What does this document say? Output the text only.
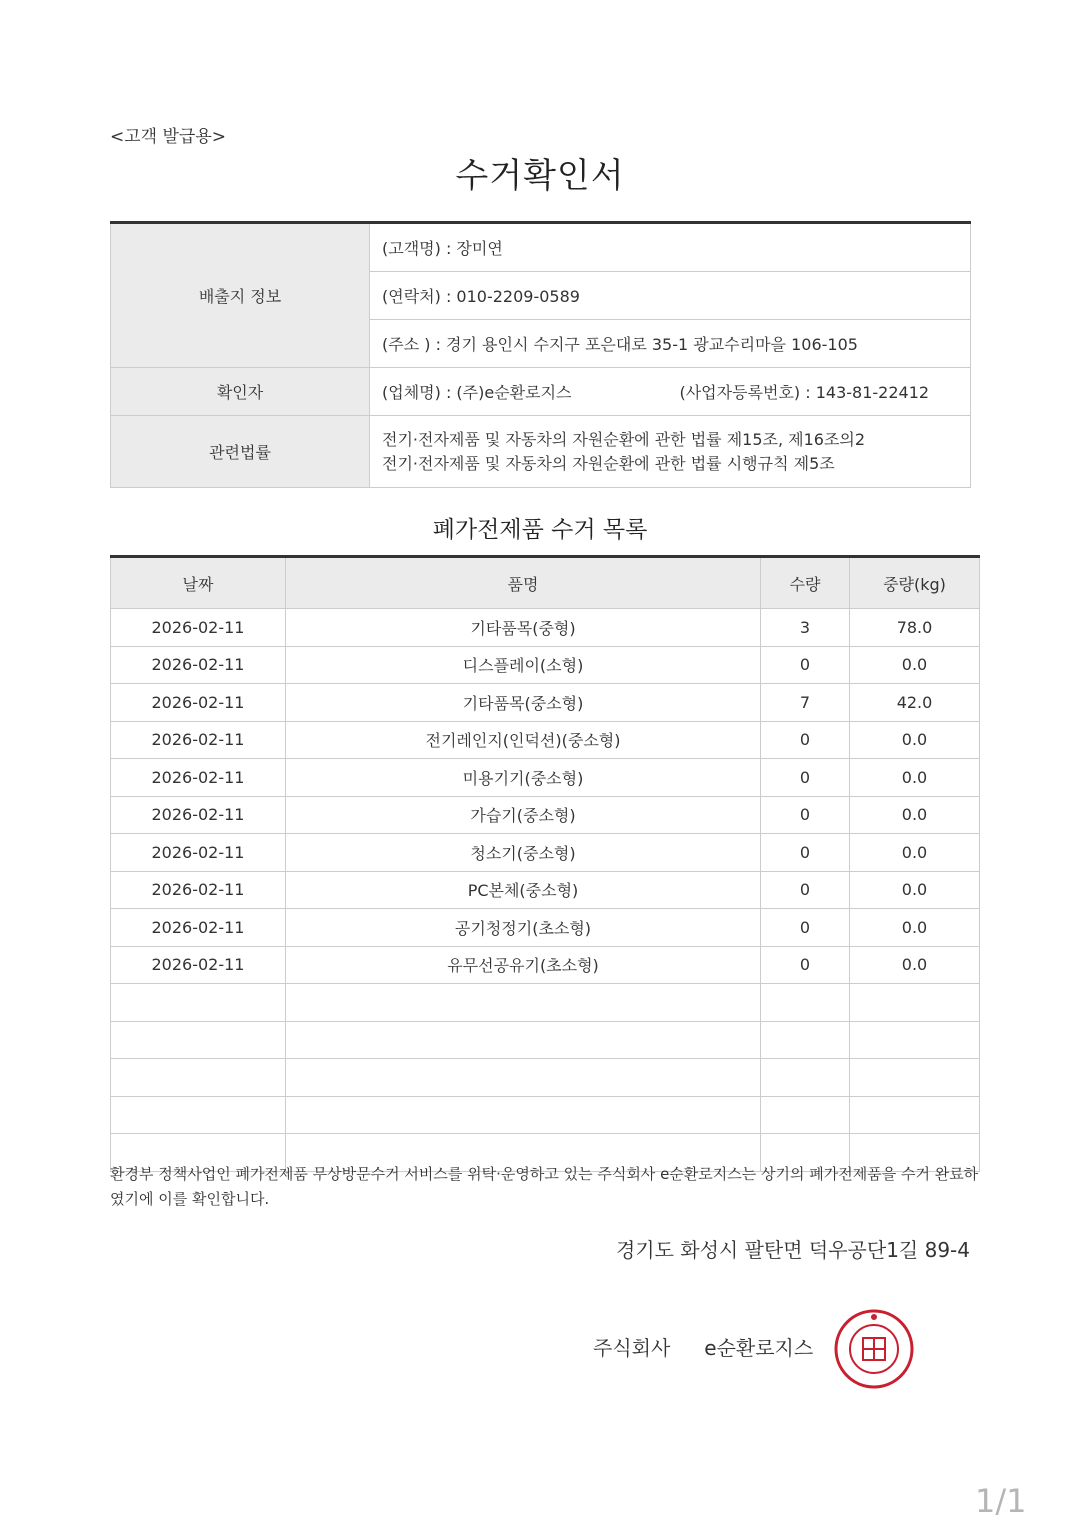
<고객 발급용>
수거확인서
배출지 정보	(고객명) : 장미연
	(연락처) : 010-2209-0589
	(주소 ) : 경기 용인시 수지구 포은대로 35-1 광교수리마을 106-105
확인자	(업체명) : (주)e순환로지스 (사업자등록번호) : 143-81-22412
관련법률	전기·전자제품 및 자동차의 자원순환에 관한 법률 제15조, 제16조의2
전기·전자제품 및 자동차의 자원순환에 관한 법률 시행규칙 제5조
폐가전제품 수거 목록
날짜	품명	수량	중량(kg)
2026-02-11	기타품목(중형)	3	78.0
2026-02-11	디스플레이(소형)	0	0.0
2026-02-11	기타품목(중소형)	7	42.0
2026-02-11	전기레인지(인덕션)(중소형)	0	0.0
2026-02-11	미용기기(중소형)	0	0.0
2026-02-11	가습기(중소형)	0	0.0
2026-02-11	청소기(중소형)	0	0.0
2026-02-11	PC본체(중소형)	0	0.0
2026-02-11	공기청정기(초소형)	0	0.0
2026-02-11	유무선공유기(초소형)	0	0.0

환경부 정책사업인 폐가전제품 무상방문수거 서비스를 위탁·운영하고 있는 주식회사 e순환로지스는 상기의 폐가전제품을 수거 완료하였기에 이를 확인합니다.
경기도 화성시 팔탄면 덕우공단1길 89-4
주식회사 e순환로지스
1/1
